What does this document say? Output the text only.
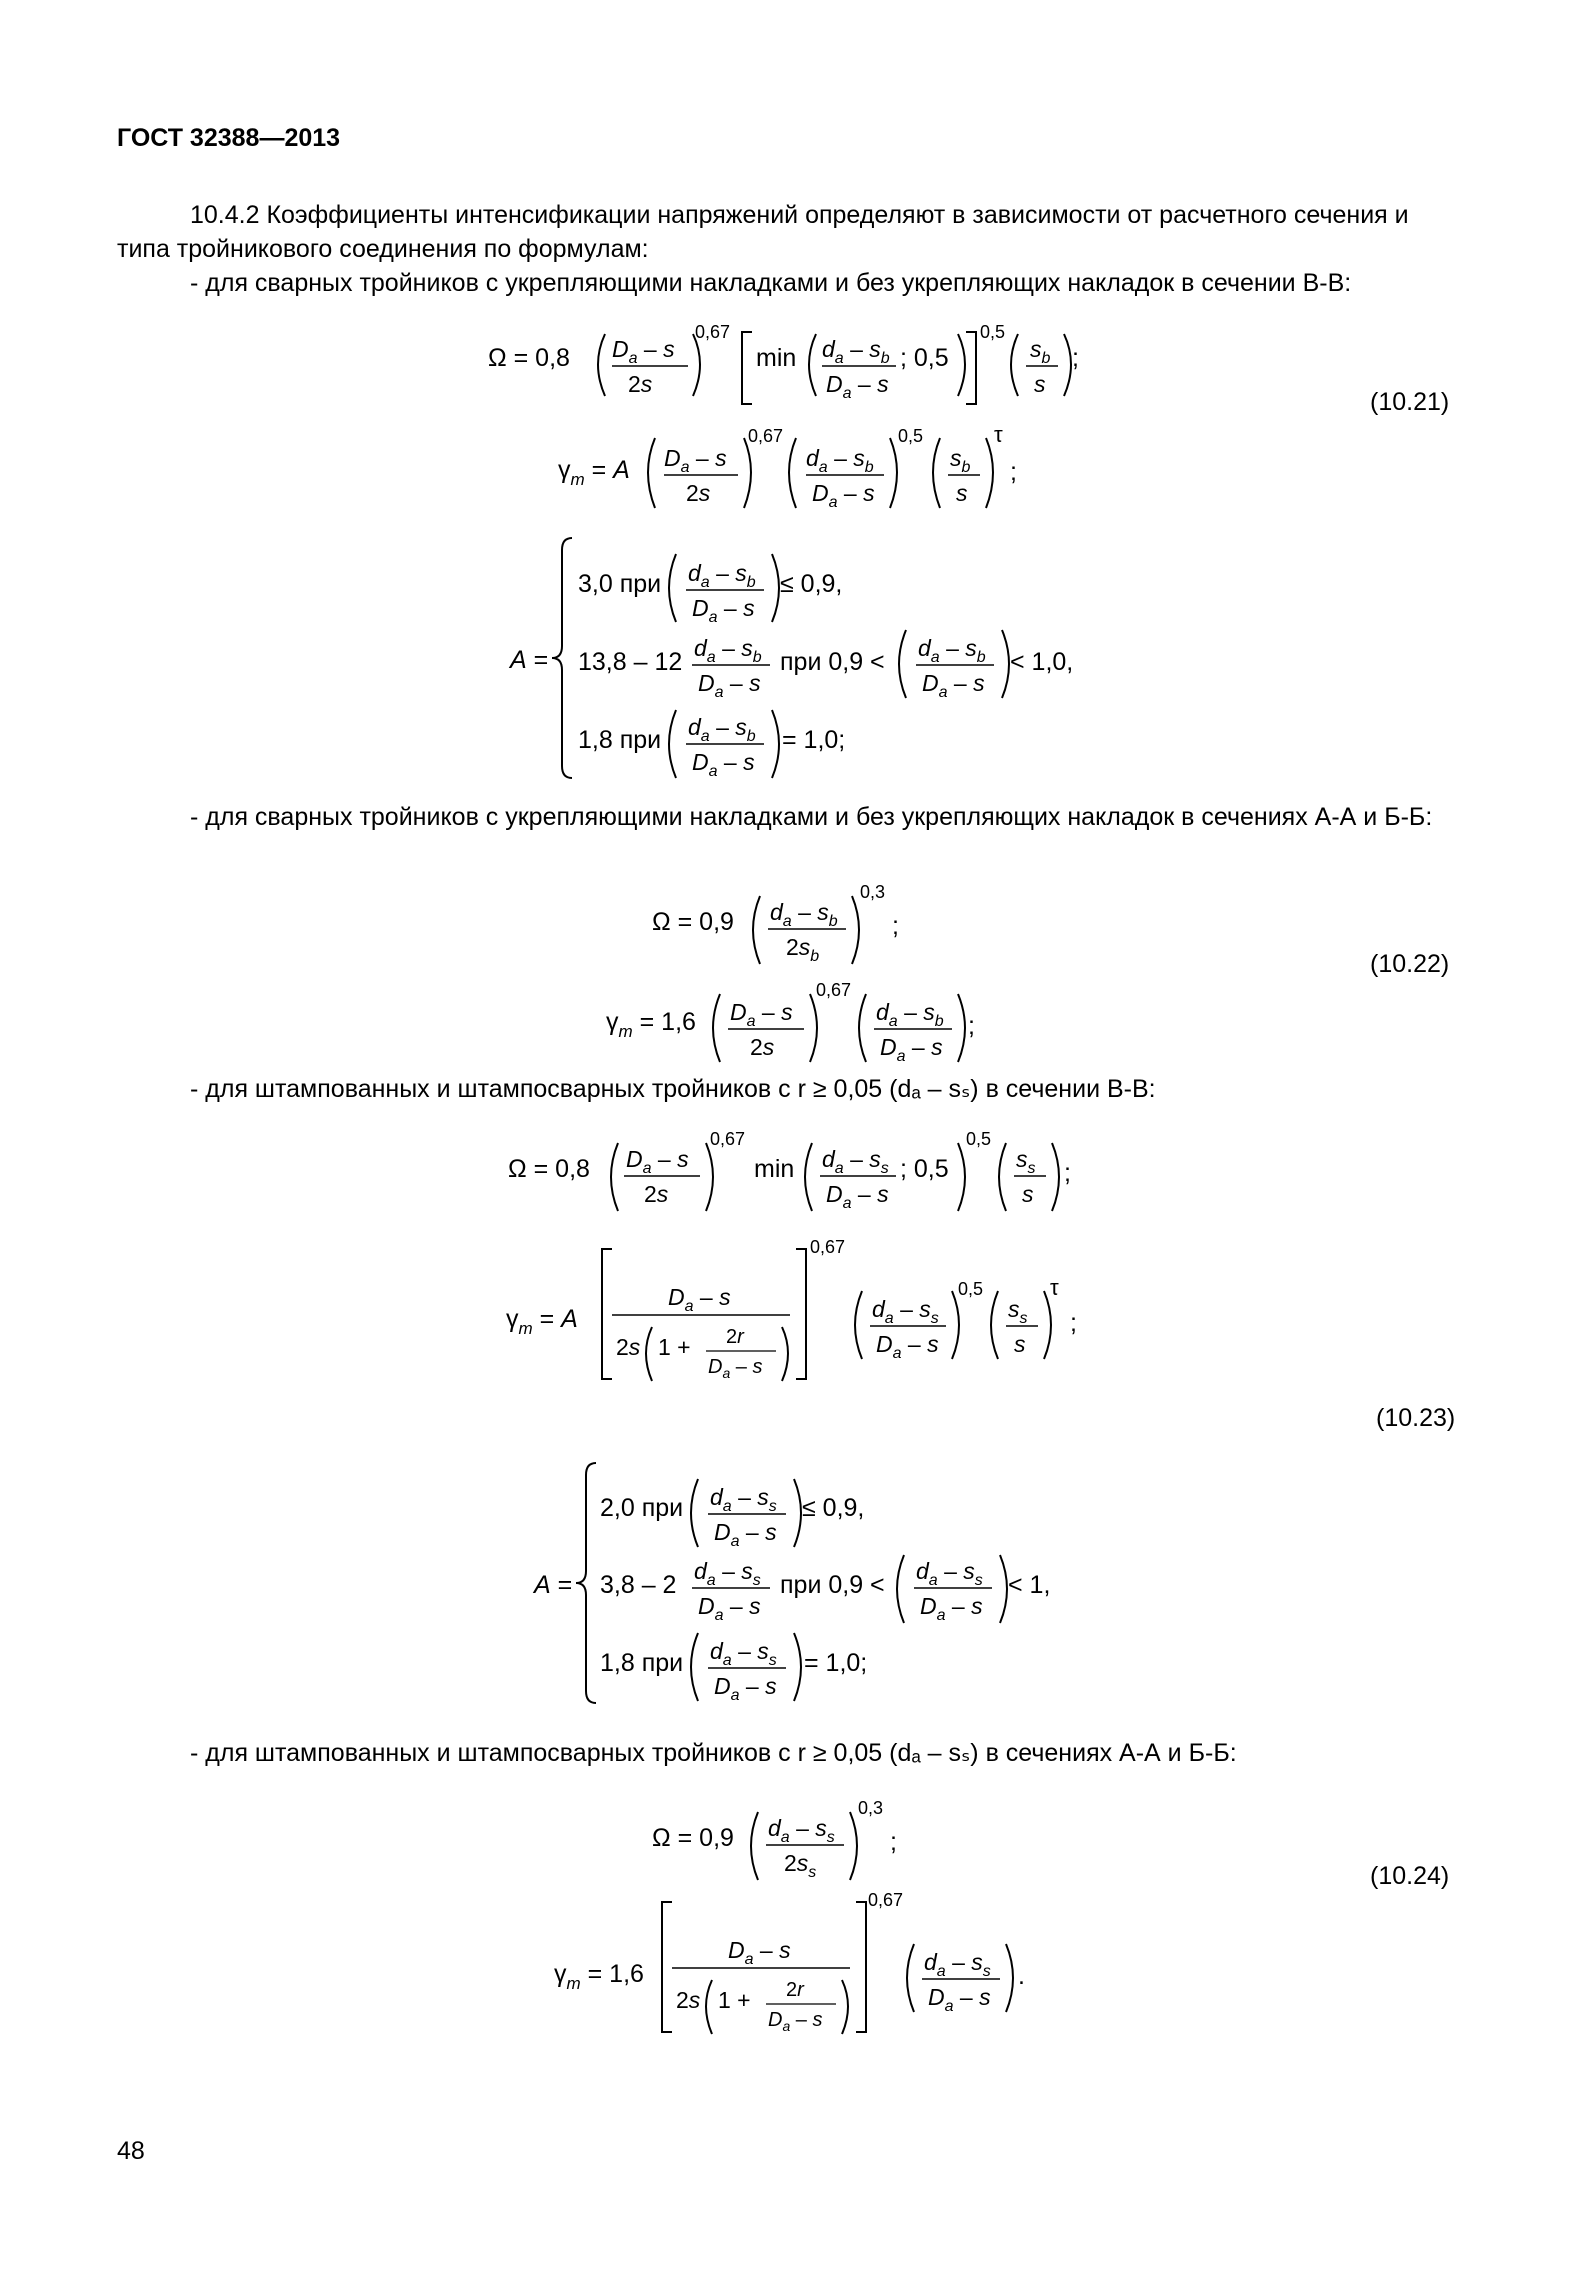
ГОСТ 32388—2013

10.4.2 Коэффициенты интенсификации напряжений определяют в зависимости от расчетного сечения и типа тройникового соединения по формулам:

- для сварных тройников с укрепляющими накладками и без укрепляющих накладок в сечении В-В:

Ω = 0,8 $D_a$ – s
2s
0,67
$\min d_a - s_b$
$D_a$ – s
; 0,5
0,5
$s_b$
s
;
$\gamma_m = A$ $D_a$ – s
2s
0,67
$d_a - s_b$
$D_a$ – s
0,5
$s_b$
s
τ
;
A =
3,0 при $d_a - s_b$
$D_a$ – s
≤ 0,9,
13,8 – 12 $d_a - s_b$
$D_a$ – s
при $0,9 < d_a - s_b$
$D_a$ – s
< 1,0,
1,8 при $d_a - s_b$
$D_a$ – s
= 1,0;
(10.21)

- для сварных тройников с укрепляющими накладками и без укрепляющих накладок в сечениях А-А и Б-Б:

Ω = 0,9 $d_a - s_b$
$2s_b$
0,3
;
$\gamma_m = 1,6$ $D_a$ – s
2s
0,67
$d_a - s_b$
$D_a$ – s
;
(10.22)

- для штампованных и штампосварных тройников с r ≥ 0,05 (dₐ – sₛ) в сечении В-В:

Ω = 0,8 $D_a$ – s
2s
0,67
$\min d_a - s_s$
$D_a$ – s
; 0,5
0,5
$s_s$
s
;
$\gamma_m = A$
$D_a$ – s
2s 1 + 2r
$D_a$ – s
0,67
$d_a - s_s$
$D_a$ – s
0,5
$s_s$
s
τ
;
A =
2,0 при $d_a - s_s$
$D_a$ – s
≤ 0,9,
3,8 – 2 $d_a - s_s$
$D_a$ – s
при $0,9 < d_a - s_s$
$D_a$ – s
< 1,
1,8 при $d_a - s_s$
$D_a$ – s
= 1,0;
(10.23)

- для штампованных и штампосварных тройников с r ≥ 0,05 (dₐ – sₛ) в сечениях А-А и Б-Б:

Ω = 0,9 $d_a - s_s$
$2s_s$
0,3
;
$\gamma_m = 1,6$
$D_a$ – s
2s 1 + 2r
$D_a$ – s
0,67
$d_a - s_s$
$D_a$ – s
.
(10.24)
48
